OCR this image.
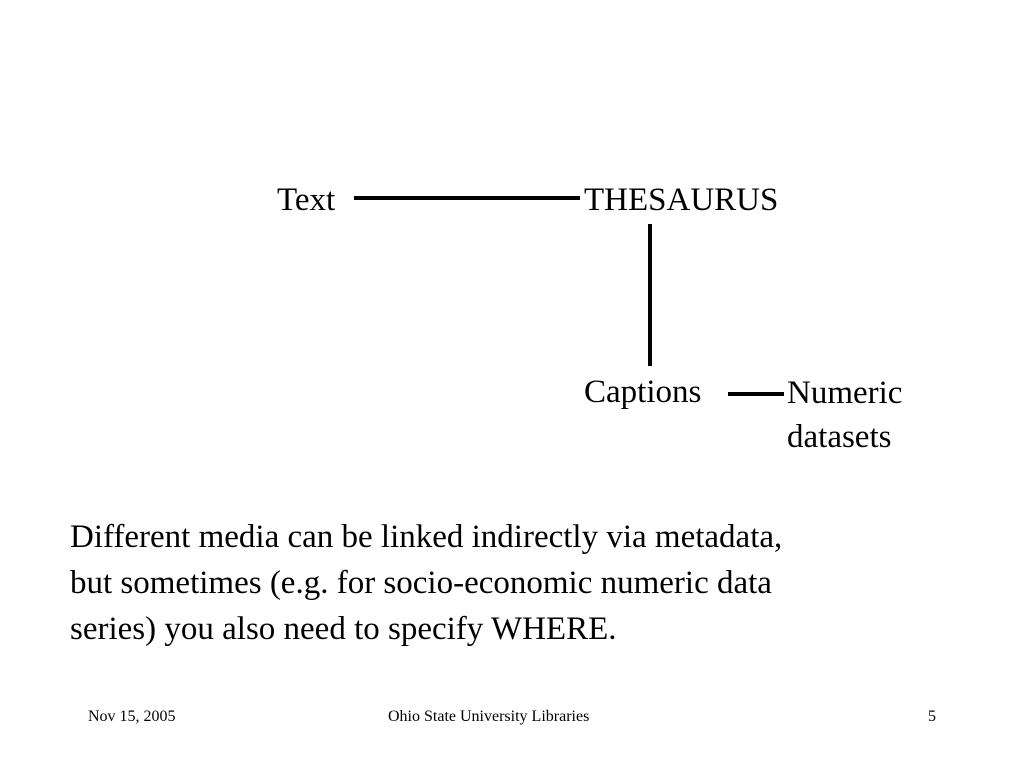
Text	THESAURUS
Captions	Numeric
datasets
Different media can be linked indirectly via metadata,
but sometimes (e.g. for socio-economic numeric data
series) you also need to specify WHERE.
Nov 15, 2005	Ohio State University Libraries	5
